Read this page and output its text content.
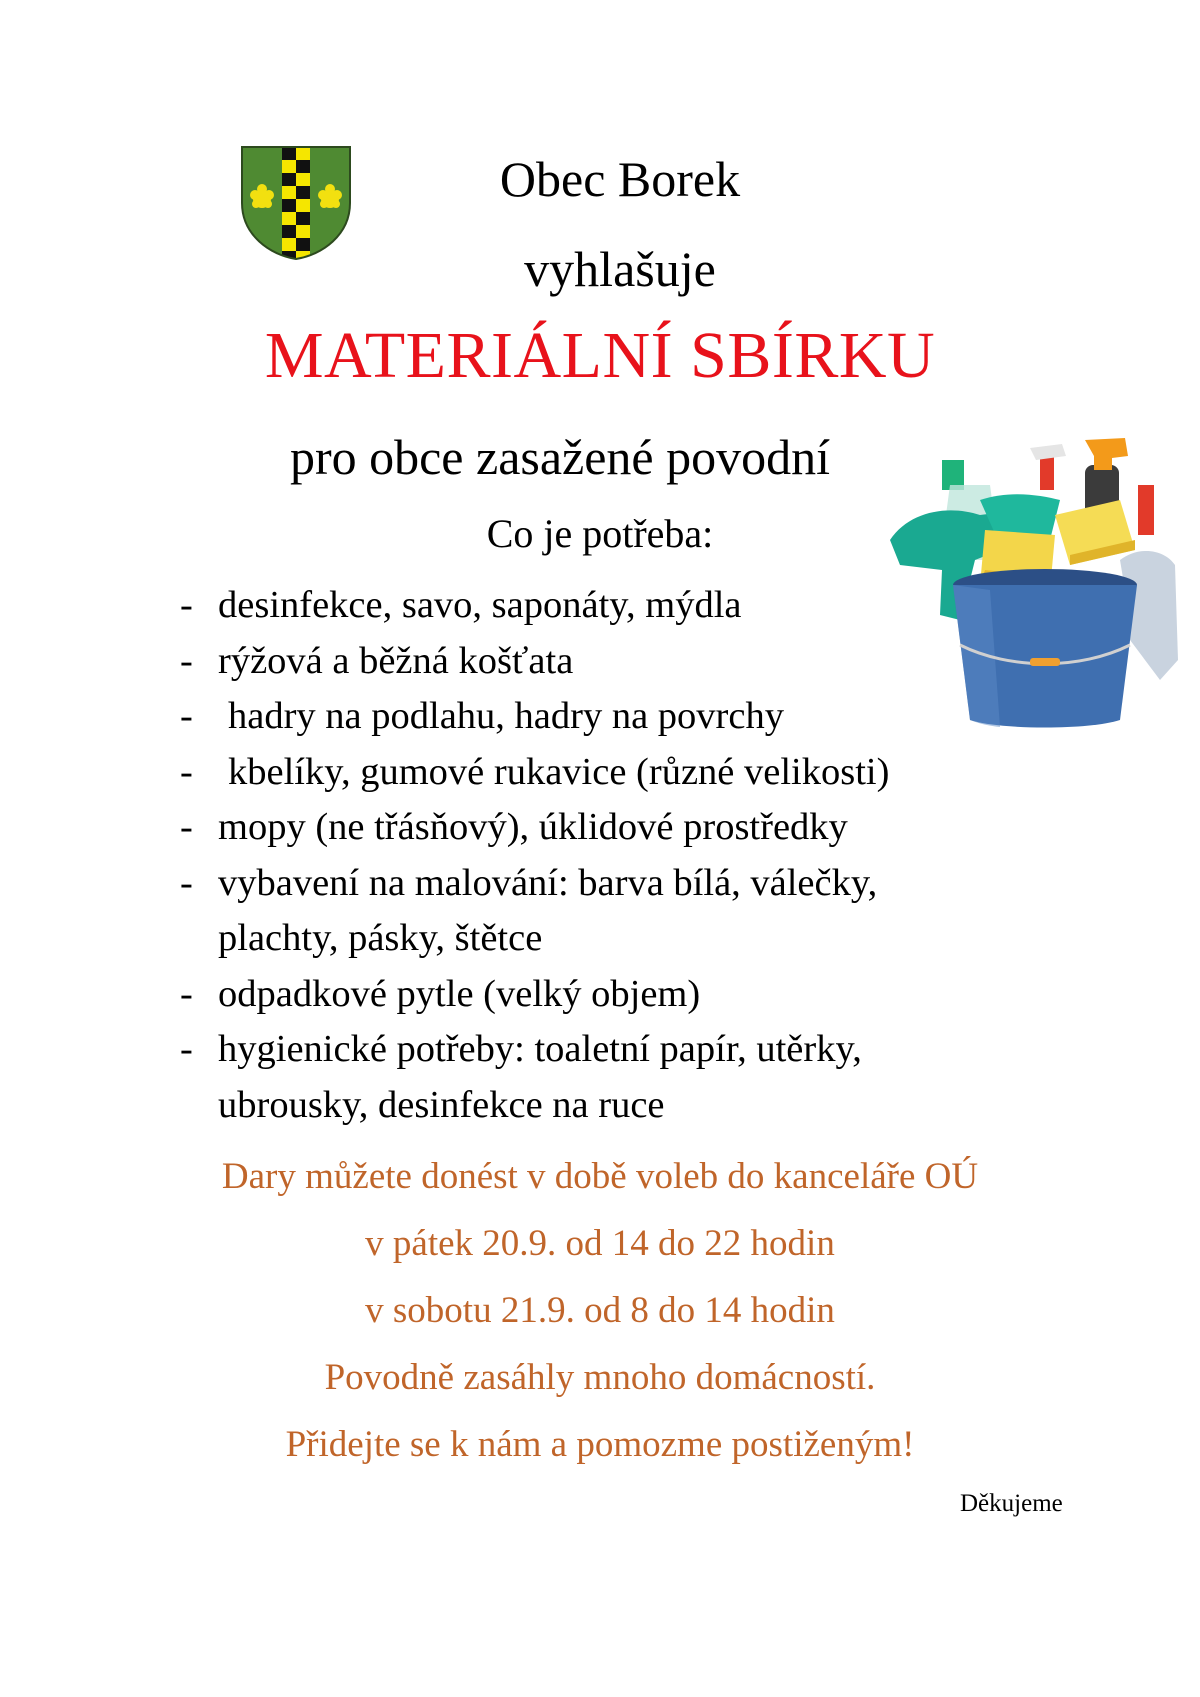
Obec Borek
vyhlašuje
MATERIÁLNÍ SBÍRKU
pro obce zasažené povodní
Co je potřeba:
- desinfekce, savo, saponáty, mýdla
- rýžová a běžná košťata
- hadry na podlahu, hadry na povrchy
- kbelíky, gumové rukavice (různé velikosti)
- mopy (ne třásňový), úklidové prostředky
- vybavení na malování: barva bílá, válečky,
plachty, pásky, štětce
- odpadkové pytle (velký objem)
- hygienické potřeby: toaletní papír, utěrky,
ubrousky, desinfekce na ruce
Dary můžete donést v době voleb do kanceláře OÚ
v pátek 20.9. od 14 do 22 hodin
v sobotu 21.9. od 8 do 14 hodin
Povodně zasáhly mnoho domácností.
Přidejte se k nám a pomozme postiženým!
Děkujeme
